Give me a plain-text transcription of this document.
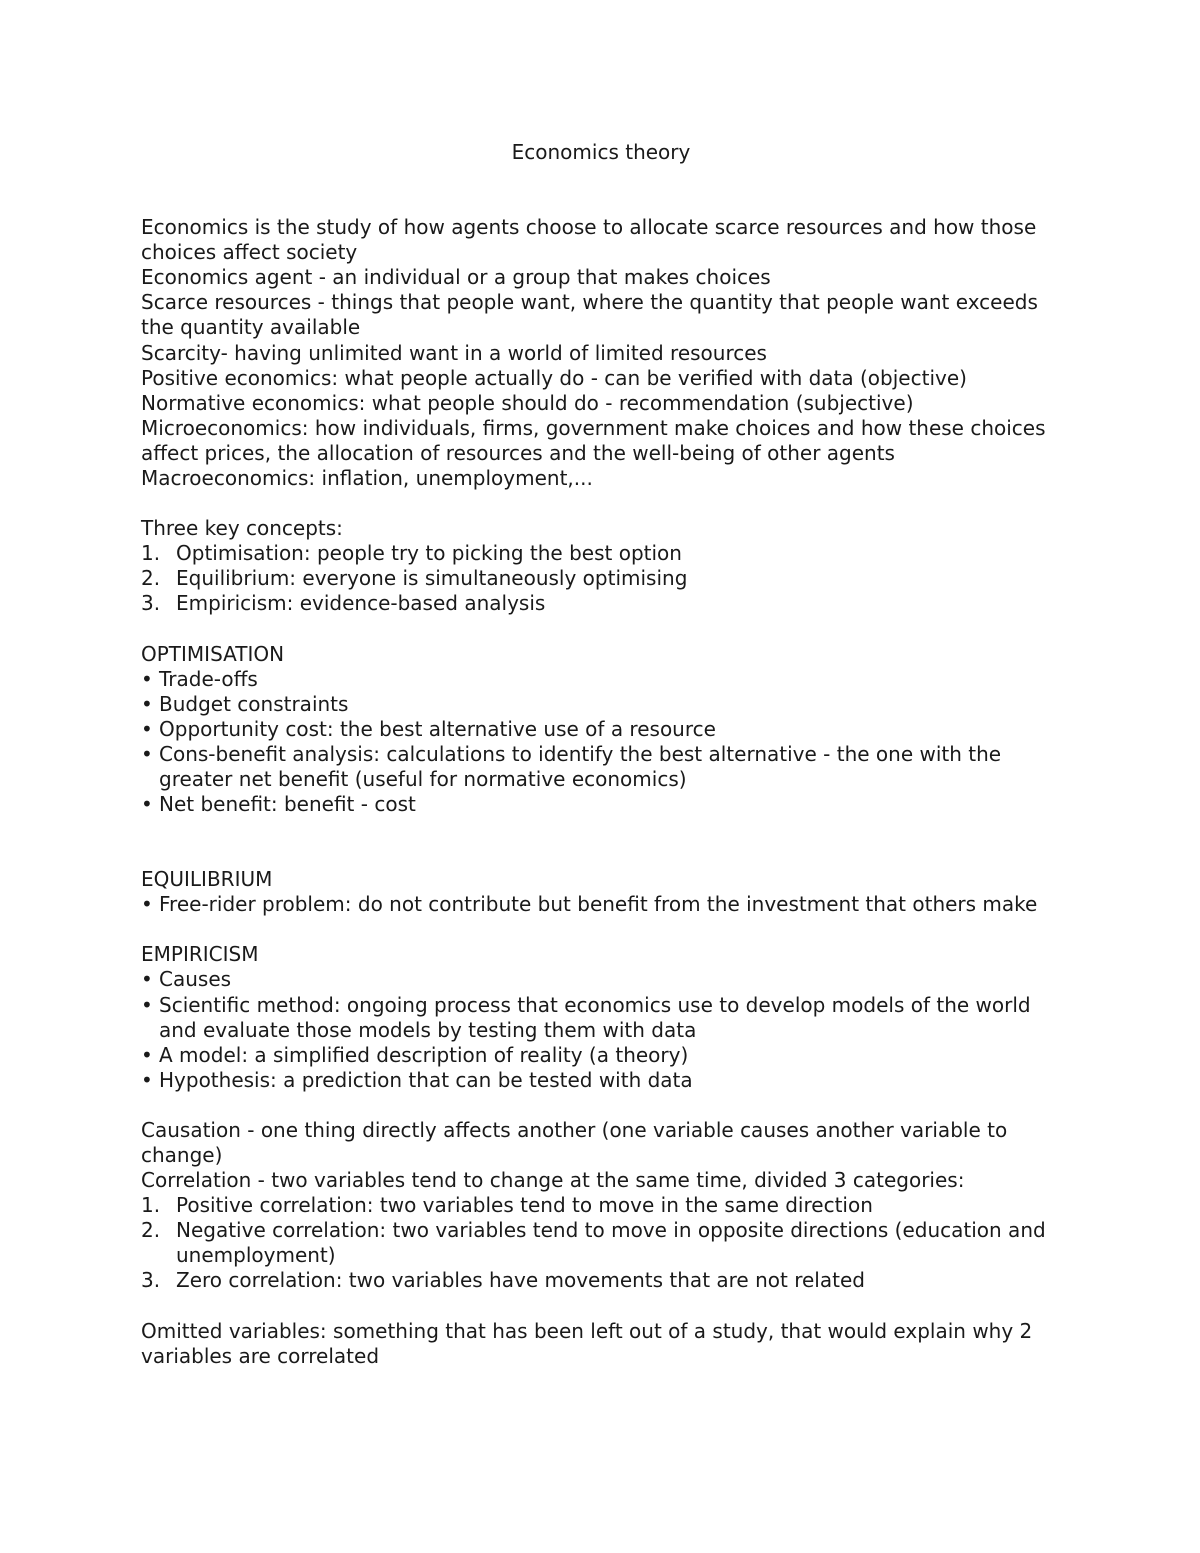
Economics theory

Economics is the study of how agents choose to allocate scarce resources and how those choices affect society

Economics agent - an individual or a group that makes choices

Scarce resources - things that people want, where the quantity that people want exceeds the quantity available

Scarcity- having unlimited want in a world of limited resources

Positive economics: what people actually do - can be verified with data (objective)

Normative economics: what people should do - recommendation (subjective)

Microeconomics: how individuals, firms, government make choices and how these choices affect prices, the allocation of resources and the well-being of other agents

Macroeconomics: inflation, unemployment,...

Three key concepts:

1. Optimisation: people try to picking the best option
2. Equilibrium: everyone is simultaneously optimising
3. Empiricism: evidence-based analysis

OPTIMISATION

• Trade-offs
• Budget constraints
• Opportunity cost: the best alternative use of a resource
• Cons-benefit analysis: calculations to identify the best alternative - the one with the greater net benefit (useful for normative economics)
• Net benefit: benefit - cost

EQUILIBRIUM

• Free-rider problem: do not contribute but benefit from the investment that others make

EMPIRICISM

• Causes
• Scientific method: ongoing process that economics use to develop models of the world and evaluate those models by testing them with data
• A model: a simplified description of reality (a theory)
• Hypothesis: a prediction that can be tested with data

Causation - one thing directly affects another (one variable causes another variable to change)

Correlation - two variables tend to change at the same time, divided 3 categories:

1. Positive correlation: two variables tend to move in the same direction
2. Negative correlation: two variables tend to move in opposite directions (education and unemployment)
3. Zero correlation: two variables have movements that are not related

Omitted variables: something that has been left out of a study, that would explain why 2 variables are correlated
